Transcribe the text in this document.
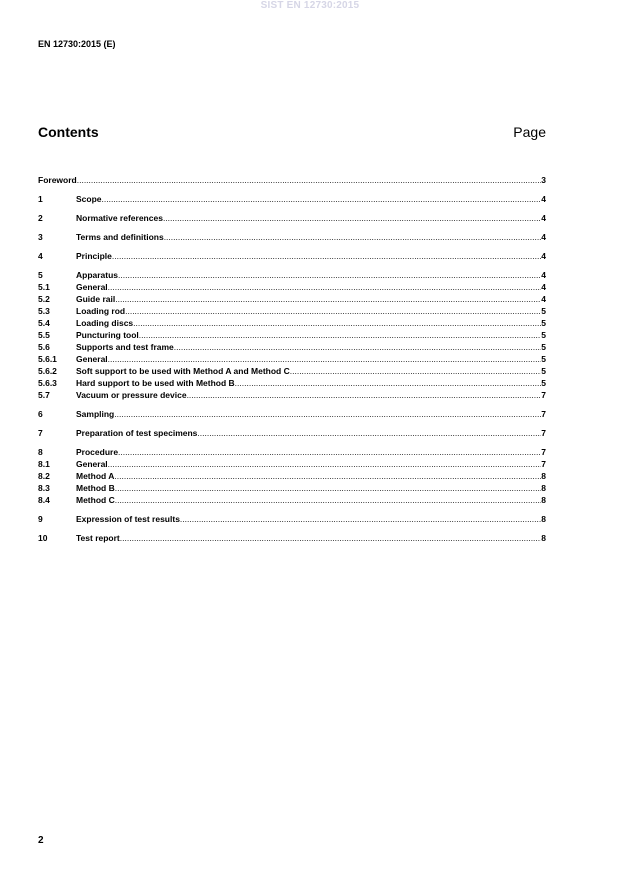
SIST EN 12730:2015
EN 12730:2015 (E)
Contents	Page
Foreword .....	3
1	Scope .....	4
2	Normative references .....	4
3	Terms and definitions .....	4
4	Principle .....	4
5	Apparatus .....	4
5.1	General .....	4
5.2	Guide rail .....	4
5.3	Loading rod .....	5
5.4	Loading discs .....	5
5.5	Puncturing tool .....	5
5.6	Supports and test frame .....	5
5.6.1	General .....	5
5.6.2	Soft support to be used with Method A and Method C .....	5
5.6.3	Hard support to be used with Method B .....	5
5.7	Vacuum or pressure device .....	7
6	Sampling .....	7
7	Preparation of test specimens .....	7
8	Procedure .....	7
8.1	General .....	7
8.2	Method A .....	8
8.3	Method B .....	8
8.4	Method C .....	8
9	Expression of test results .....	8
10	Test report .....	8
2
